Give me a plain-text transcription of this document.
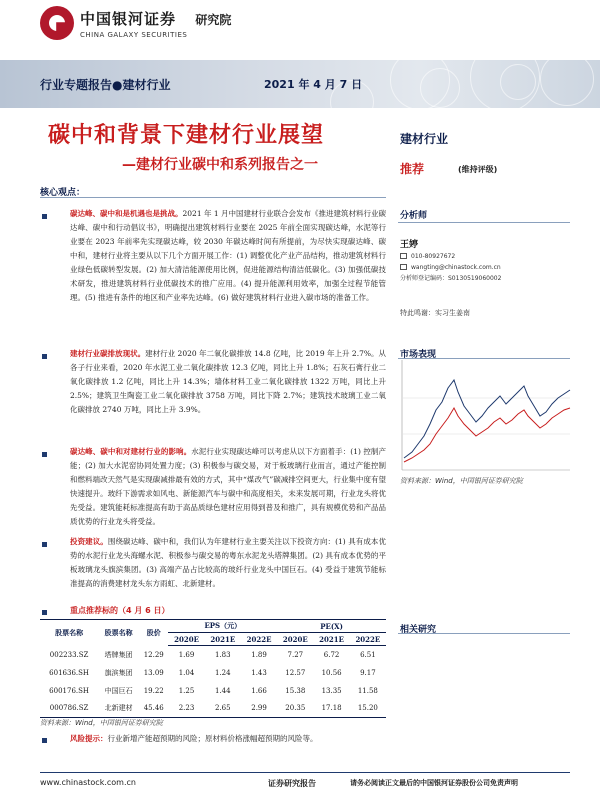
中国银河证券
CHINA GALAXY SECURITIES
研究院
行业专题报告●建材行业	2021 年 4 月 7 日
碳中和背景下建材行业展望
—建材行业碳中和系列报告之一
建材行业
推荐	(维持评级)
分析师
王婷
010-80927672
wangting@chinastock.com.cn
分析师登记编码：S0130519060002
特此鸣谢：实习生姜南
市场表现
资料来源：Wind，中国银河证券研究院
相关研究
核心观点：
碳达峰、碳中和是机遇也是挑战。2021 年 1 月中国建材行业联合会发布《推进建筑材料行业碳达峰、碳中和行动倡议书》，明确提出建筑材料行业要在 2025 年前全面实现碳达峰，水泥等行业要在 2023 年前率先实现碳达峰，较 2030 年碳达峰时间有所提前，为尽快实现碳达峰、碳中和，建材行业将主要从以下几个方面开展工作：(1) 调整优化产业产品结构，推动建筑材料行业绿色低碳转型发展。(2) 加大清洁能源使用比例，促进能源结构清洁低碳化。(3) 加强低碳技术研发，推进建筑材料行业低碳技术的推广应用。(4) 提升能源利用效率，加强全过程节能管理。(5) 推进有条件的地区和产业率先达峰。(6) 做好建筑材料行业进入碳市场的准备工作。
建材行业碳排放现状。建材行业 2020 年二氧化碳排放 14.8 亿吨，比 2019 年上升 2.7%。从各子行业来看，2020 年水泥工业二氧化碳排放 12.3 亿吨，同比上升 1.8%；石灰石膏行业二氧化碳排放 1.2 亿吨，同比上升 14.3%；墙体材料工业二氧化碳排放 1322 万吨，同比上升 2.5%；建筑卫生陶瓷工业二氧化碳排放 3758 万吨，同比下降 2.7%；建筑技术玻璃工业二氧化碳排放 2740 万吨，同比上升 3.9%。
碳达峰、碳中和对建材行业的影响。水泥行业实现碳达峰可以考虑从以下方面着手：(1) 控制产能；(2) 加大水泥窑协同处置力度；(3) 积极参与碳交易，对于板玻璃行业而言，通过产能控制和燃料端改天然气是实现碳减排最有效的方式，其中“煤改气”碳减排空间更大，行业集中度有望快速提升。玻纤下游需求如风电、新能源汽车与碳中和高度相关，未来发展可期，行业龙头将优先受益。建筑能耗标准提高有助于高品质绿色建材应用得到普及和推广，具有规模优势和产品品质优势的行业龙头将受益。
投资建议。围绕碳达峰、碳中和，我们认为年建材行业主要关注以下投资方向：(1) 具有成本优势的水泥行业龙头海螺水泥、积极参与碳交易的粤东水泥龙头塔牌集团。(2) 具有成本优势的平板玻璃龙头旗滨集团。(3) 高端产品占比较高的玻纤行业龙头中国巨石。(4) 受益于建筑节能标准提高的消费建材龙头东方雨虹、北新建材。
重点推荐标的（4 月 6 日）
股票名称	股票名称	股价	EPS（元）			PE(X)		
			2020E	2021E	2022E	2020E	2021E	2022E
002233.SZ	塔牌集团	12.29	1.69	1.83	1.89	7.27	6.72	6.51
601636.SH	旗滨集团	13.09	1.04	1.24	1.43	12.57	10.56	9.17
600176.SH	中国巨石	19.22	1.25	1.44	1.66	15.38	13.35	11.58
000786.SZ	北新建材	45.46	2.23	2.65	2.99	20.35	17.18	15.20
资料来源：Wind，中国银河证券研究院
风险提示：行业新增产能超预期的风险；原材料价格涨幅超预期的风险等。
www.chinastock.com.cn	证券研究报告	请务必阅读正文最后的中国银河证券股份公司免责声明
